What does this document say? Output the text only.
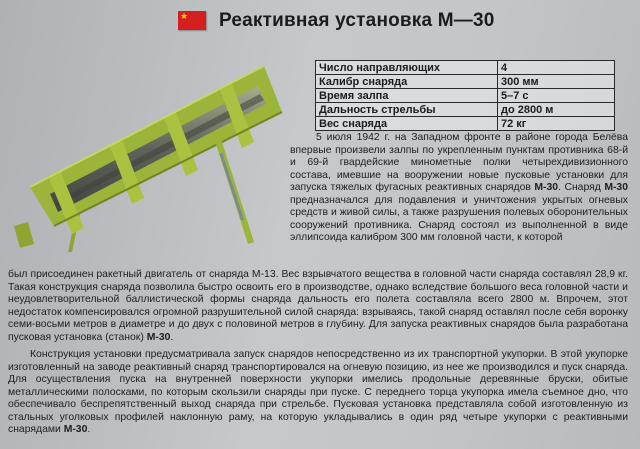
★ Реактивная установка М—30
Число направляющих	4
Калибр снаряда	300 мм
Время залпа	5–7 с
Дальность стрельбы	до 2800 м
Вес снаряда	72 кг
5 июля 1942 г. на Западном фронте в районе города Белёва впервые произвели залпы по укрепленным пунктам противника 68-й и 69-й гвардейские минометные полки четырехдивизионного состава, имевшие на вооружении новые пусковые установки для запуска тяжелых фугасных реактивных снарядов М-30. Снаряд М-30 предназначался для подавления и уничтожения укрытых огневых средств и живой силы, а также разрушения полевых оборонительных сооружений противника. Снаряд состоял из выполненной в виде эллипсоида калибром 300 мм головной части, к которой
был присоединен ракетный двигатель от снаряда М-13. Вес взрывчатого вещества в головной части снаряда составлял 28,9 кг. Такая конструкция снаряда позволила быстро освоить его в производстве, однако вследствие большого веса головной части и неудовлетворительной баллистической формы снаряда дальность его полета составляла всего 2800 м. Впрочем, этот недостаток компенсировался огромной разрушительной силой снаряда: взрываясь, такой снаряд оставлял после себя воронку семи-восьми метров в диаметре и до двух с половиной метров в глубину. Для запуска реактивных снарядов была разработана пусковая установка (станок) М-30.
Конструкция установки предусматривала запуск снарядов непосредственно из их транспортной укупорки. В этой укупорке изготовленный на заводе реактивный снаряд транспортировался на огневую позицию, из нее же производился и пуск снаряда. Для осуществления пуска на внутренней поверхности укупорки имелись продольные деревянные бруски, обитые металлическими полосками, по которым скользили снаряды при пуске. С переднего торца укупорка имела съемное дно, что обеспечивало беспрепятственный выход снаряда при стрельбе. Пусковая установка представляла собой изготовленную из стальных уголковых профилей наклонную раму, на которую укладывались в один ряд четыре укупорки с реактивными снарядами М-30.
